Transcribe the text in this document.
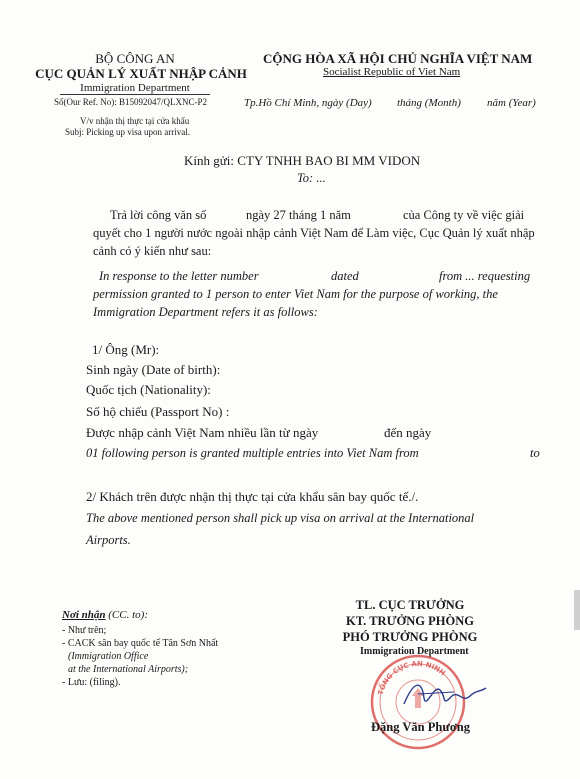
BỘ CÔNG AN
CỤC QUẢN LÝ XUẤT NHẬP CẢNH
Immigration Department
Số(Our Ref. No): B15092047/QLXNC-P2
V/v nhận thị thực tại cửa khẩu
Subj: Picking up visa upon arrival.
CỘNG HÒA XÃ HỘI CHỦ NGHĨA VIỆT NAM
Socialist Republic of Viet Nam
Tp.Hồ Chí Minh, ngày (Day) tháng (Month) năm (Year)
Kính gửi: CTY TNHH BAO BI MM VIDON
To: ...
Trả lời công văn số	ngày 27 tháng 1 năm	của Công ty về việc giải
quyết cho 1 người nước ngoài nhập cảnh Việt Nam để Làm việc, Cục Quản lý xuất nhập
cảnh có ý kiến như sau:
In response to the letter number	dated	from ... requesting
permission granted to 1 person to enter Viet Nam for the purpose of working, the
Immigration Department refers it as follows:
1/ Ông (Mr):
Sinh ngày (Date of birth):
Quốc tịch (Nationality):
Số hộ chiếu (Passport No) :
Được nhập cảnh Việt Nam nhiều lần từ ngày	đến ngày
01 following person is granted multiple entries into Viet Nam from	to
2/ Khách trên được nhận thị thực tại cửa khẩu sân bay quốc tế./.
The above mentioned person shall pick up visa on arrival at the International
Airports.
Nơi nhận (CC. to):
- Như trên;
- CACK sân bay quốc tế Tân Sơn Nhất
(Immigration Office
at the International Airports);
- Lưu: (filing).
TL. CỤC TRƯỞNG
KT. TRƯỞNG PHÒNG
PHÓ TRƯỞNG PHÒNG
Immigration Department
TỔNG CỤC AN NINH
Đặng Văn Phương
